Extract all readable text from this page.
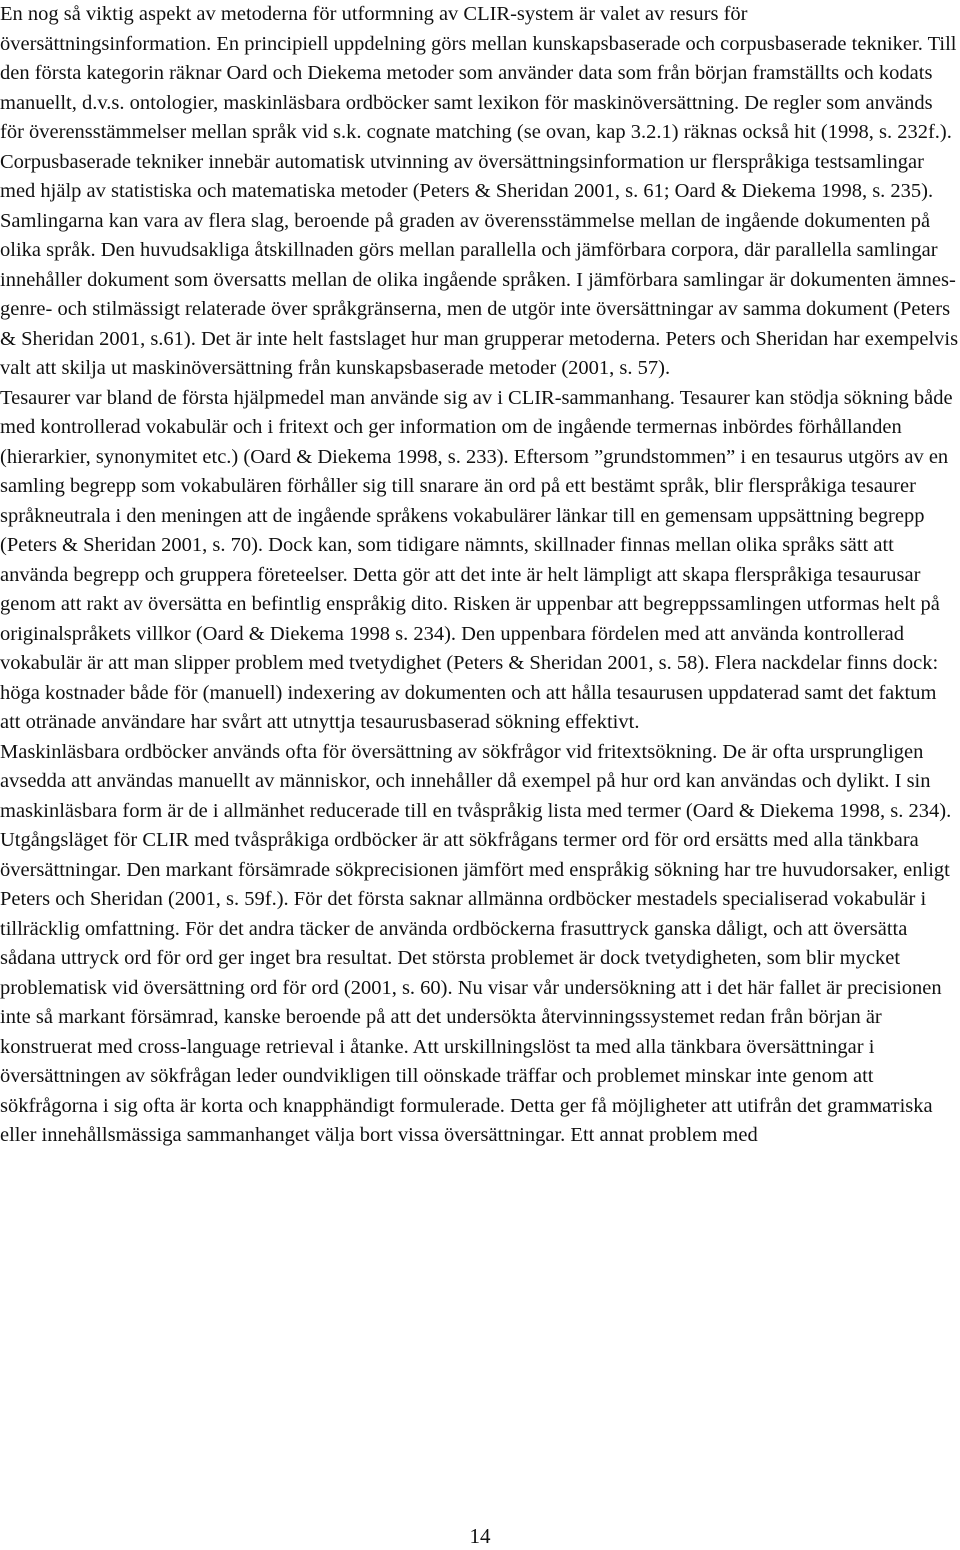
En nog så viktig aspekt av metoderna för utformning av CLIR-system är valet av resurs för översättningsinformation. En principiell uppdelning görs mellan kunskapsbaserade och corpusbaserade tekniker. Till den första kategorin räknar Oard och Diekema metoder som använder data som från början framställts och kodats manuellt, d.v.s. ontologier, maskinläsbara ordböcker samt lexikon för maskinöversättning. De regler som används för överensstämmelser mellan språk vid s.k. cognate matching (se ovan, kap 3.2.1) räknas också hit (1998, s. 232f.). Corpusbaserade tekniker innebär automatisk utvinning av översättningsinformation ur flerspråkiga testsamlingar med hjälp av statistiska och matematiska metoder (Peters & Sheridan 2001, s. 61; Oard & Diekema 1998, s. 235). Samlingarna kan vara av flera slag, beroende på graden av överensstämmelse mellan de ingående dokumenten på olika språk. Den huvudsakliga åtskillnaden görs mellan parallella och jämförbara corpora, där parallella samlingar innehåller dokument som översatts mellan de olika ingående språken. I jämförbara samlingar är dokumenten ämnes- genre- och stilmässigt relaterade över språkgränserna, men de utgör inte översättningar av samma dokument (Peters & Sheridan 2001, s.61). Det är inte helt fastslaget hur man grupperar metoderna. Peters och Sheridan har exempelvis valt att skilja ut maskinöversättning från kunskapsbaserade metoder (2001, s. 57).

Tesaurer var bland de första hjälpmedel man använde sig av i CLIR-sammanhang. Tesaurer kan stödja sökning både med kontrollerad vokabulär och i fritext och ger information om de ingående termernas inbördes förhållanden (hierarkier, synonymitet etc.) (Oard & Diekema 1998, s. 233). Eftersom ”grundstommen” i en tesaurus utgörs av en samling begrepp som vokabulären förhåller sig till snarare än ord på ett bestämt språk, blir flerspråkiga tesaurer språkneutrala i den meningen att de ingående språkens vokabulärer länkar till en gemensam uppsättning begrepp (Peters & Sheridan 2001, s. 70). Dock kan, som tidigare nämnts, skillnader finnas mellan olika språks sätt att använda begrepp och gruppera företeelser. Detta gör att det inte är helt lämpligt att skapa flerspråkiga tesaurusar genom att rakt av översätta en befintlig enspråkig dito. Risken är uppenbar att begreppssamlingen utformas helt på originalspråkets villkor (Oard & Diekema 1998 s. 234). Den uppenbara fördelen med att använda kontrollerad vokabulär är att man slipper problem med tvetydighet (Peters & Sheridan 2001, s. 58). Flera nackdelar finns dock: höga kostnader både för (manuell) indexering av dokumenten och att hålla tesaurusen uppdaterad samt det faktum att otränade användare har svårt att utnyttja tesaurusbaserad sökning effektivt.

Maskinläsbara ordböcker används ofta för översättning av sökfrågor vid fritextsökning. De är ofta ursprungligen avsedda att användas manuellt av människor, och innehåller då exempel på hur ord kan användas och dylikt. I sin maskinläsbara form är de i allmänhet reducerade till en tvåspråkig lista med termer (Oard & Diekema 1998, s. 234). Utgångsläget för CLIR med tvåspråkiga ordböcker är att sökfrågans termer ord för ord ersätts med alla tänkbara översättningar. Den markant försämrade sökprecisionen jämfört med enspråkig sökning har tre huvudorsaker, enligt Peters och Sheridan (2001, s. 59f.). För det första saknar allmänna ordböcker mestadels specialiserad vokabulär i tillräcklig omfattning. För det andra täcker de använda ordböckerna frasuttryck ganska dåligt, och att översätta sådana uttryck ord för ord ger inget bra resultat. Det största problemet är dock tvetydigheten, som blir mycket problematisk vid översättning ord för ord (2001, s. 60). Nu visar vår undersökning att i det här fallet är precisionen inte så markant försämrad, kanske beroende på att det undersökta återvinningssystemet redan från början är konstruerat med cross-language retrieval i åtanke. Att urskillningslöst ta med alla tänkbara översättningar i översättningen av sökfrågan leder oundvikligen till oönskade träffar och problemet minskar inte genom att sökfrågorna i sig ofta är korta och knapphändigt formulerade. Detta ger få möjligheter att utifrån det gramматiska eller innehållsmässiga sammanhanget välja bort vissa översättningar. Ett annat problem med

14
